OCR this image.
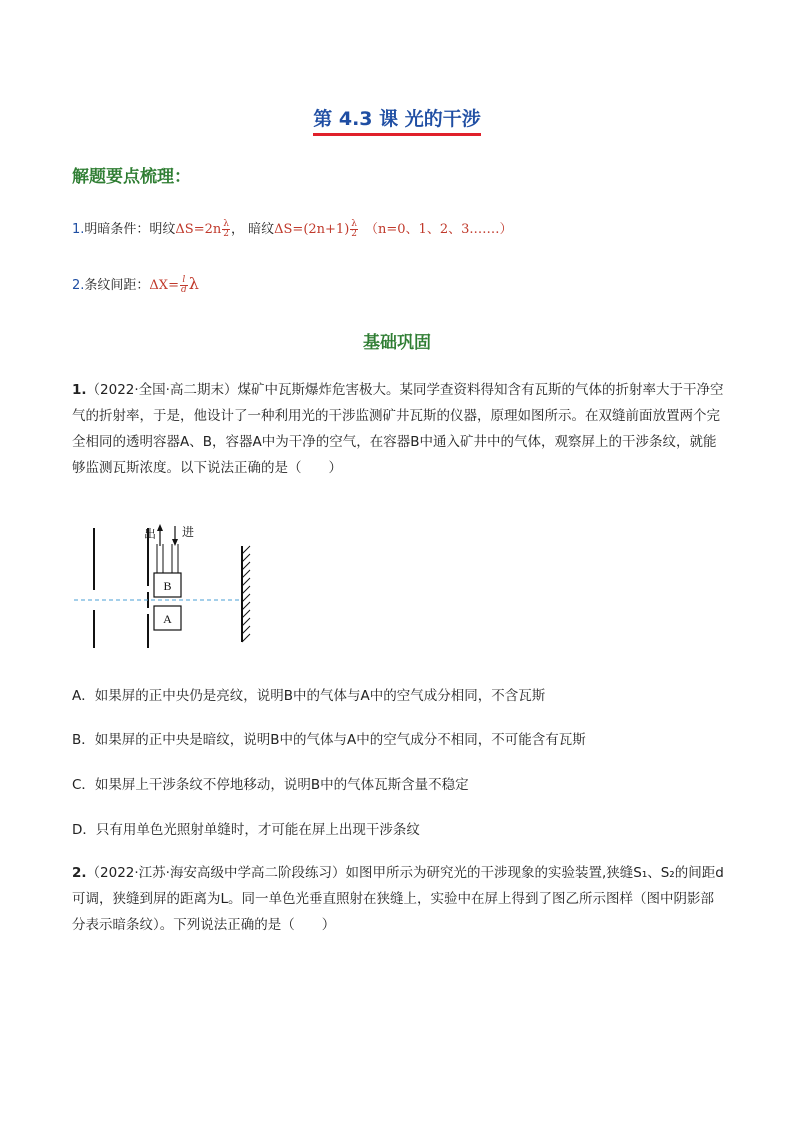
第 4.3 课 光的干涉
解题要点梳理：
1.明暗条件：明纹$\Delta S=2n \frac{\lambda}{2}$ ， 暗纹$\Delta S=(2n+1) \frac{\lambda}{2} (n=0$、1、2、3.……）
2.条纹间距：$\Delta X= \frac{l}{d}$ λ
基础巩固
1.（2022·全国·高二期末）煤矿中瓦斯爆炸危害极大。某同学查资料得知含有瓦斯的气体的折射率大于干净空气的折射率，于是，他设计了一种利用光的干涉监测矿井瓦斯的仪器，原理如图所示。在双缝前面放置两个完全相同的透明容器A、B，容器A中为干净的空气，在容器B中通入矿井中的气体，观察屏上的干涉条纹，就能够监测瓦斯浓度。以下说法正确的是（　　）
B
出 进
A
A．如果屏的正中央仍是亮纹，说明B中的气体与A中的空气成分相同，不含瓦斯
B．如果屏的正中央是暗纹，说明B中的气体与A中的空气成分不相同，不可能含有瓦斯
C．如果屏上干涉条纹不停地移动，说明B中的气体瓦斯含量不稳定
D．只有用单色光照射单缝时，才可能在屏上出现干涉条纹
2.（2022·江苏·海安高级中学高二阶段练习）如图甲所示为研究光的干涉现象的实验装置,狭缝S₁、S₂的间距d可调，狭缝到屏的距离为L。同一单色光垂直照射在狭缝上，实验中在屏上得到了图乙所示图样（图中阴影部分表示暗条纹）。下列说法正确的是（　　）
